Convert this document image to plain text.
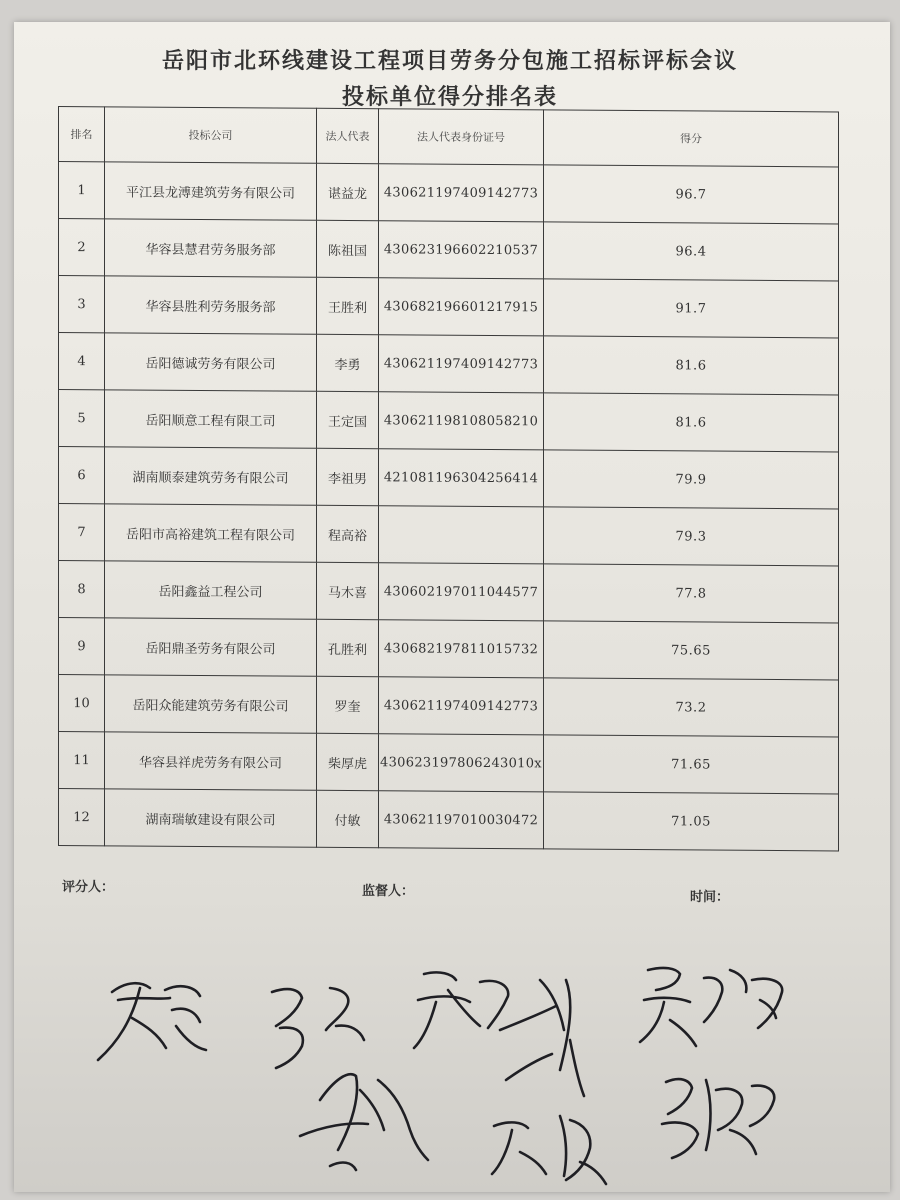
岳阳市北环线建设工程项目劳务分包施工招标评标会议
投标单位得分排名表
排名	投标公司	法人代表	法人代表身份证号	得分
1	平江县龙溥建筑劳务有限公司	谌益龙	430621197409142773	96.7
2	华容县慧君劳务服务部	陈祖国	430623196602210537	96.4
3	华容县胜利劳务服务部	王胜利	430682196601217915	91.7
4	岳阳德诚劳务有限公司	李勇	430621197409142773	81.6
5	岳阳顺意工程有限工司	王定国	430621198108058210	81.6
6	湖南顺泰建筑劳务有限公司	李祖男	421081196304256414	79.9
7	岳阳市高裕建筑工程有限公司	程高裕		79.3
8	岳阳鑫益工程公司	马木喜	430602197011044577	77.8
9	岳阳鼎圣劳务有限公司	孔胜利	430682197811015732	75.65
10	岳阳众能建筑劳务有限公司	罗奎	430621197409142773	73.2
11	华容县祥虎劳务有限公司	柴厚虎	430623197806243010x	71.65
12	湖南瑞敏建设有限公司	付敏	430621197010030472	71.05
评分人：	监督人：	时间：
